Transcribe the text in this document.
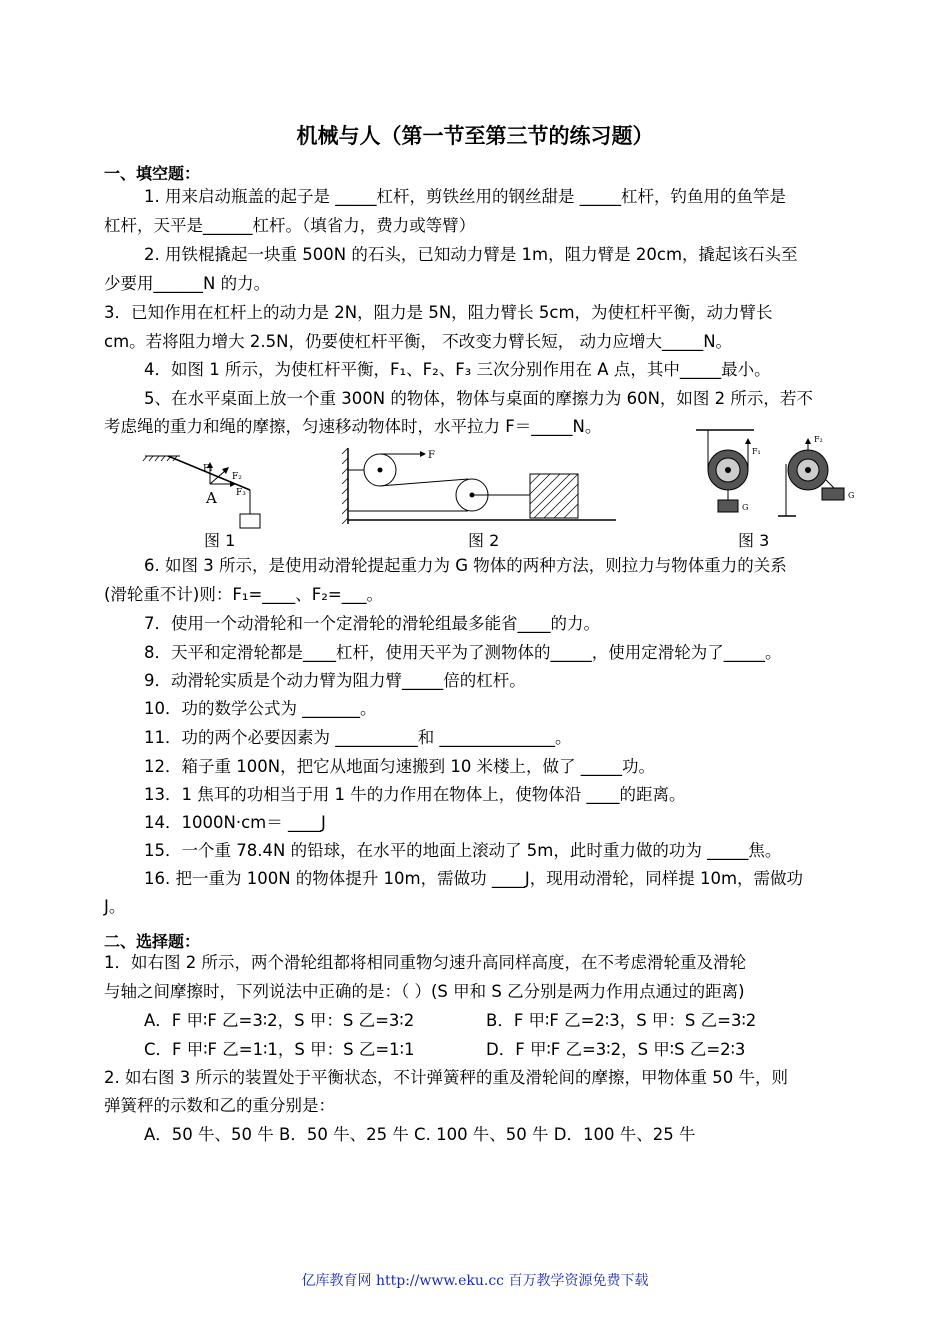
机械与人（第一节至第三节的练习题）
一、填空题：
1. 用来启动瓶盖的起子是 _____杠杆，剪铁丝用的钢丝甜是 _____杠杆，钓鱼用的鱼竿是
杠杆，天平是______杠杆。（填省力，费力或等臂）
2. 用铁棍撬起一块重 500N 的石头，已知动力臂是 1m，阻力臂是 20cm，撬起该石头至
少要用______N 的力。
3．已知作用在杠杆上的动力是 2N，阻力是 5N，阻力臂长 5cm，为使杠杆平衡，动力臂长
cm。若将阻力增大 2.5N，仍要使杠杆平衡， 不改变力臂长短， 动力应增大_____N。
4．如图 1 所示，为使杠杆平衡，F₁、F₂、F₃ 三次分别作用在 A 点，其中_____最小。
5、在水平桌面上放一个重 300N 的物体，物体与桌面的摩擦力为 60N，如图 2 所示，若不
考虑绳的重力和绳的摩擦，匀速移动物体时，水平拉力 F＝_____N。
F₁
F₂
F₃
A
图 1
F
图 2
F₁
G
F₂
G
图 3
6. 如图 3 所示，是使用动滑轮提起重力为 G 物体的两种方法，则拉力与物体重力的关系
(滑轮重不计)则：F₁=____、F₂=___。
7．使用一个动滑轮和一个定滑轮的滑轮组最多能省____的力。
8．天平和定滑轮都是____杠杆，使用天平为了测物体的_____，使用定滑轮为了_____。
9．动滑轮实质是个动力臂为阻力臂_____倍的杠杆。
10．功的数学公式为 _______。
11．功的两个必要因素为 __________和 ______________。
12．箱子重 100N，把它从地面匀速搬到 10 米楼上，做了 _____功。
13．1 焦耳的功相当于用 1 牛的力作用在物体上，使物体沿 ____的距离。
14．1000N·cm＝ ____J
15．一个重 78.4N 的铅球，在水平的地面上滚动了 5m，此时重力做的功为 _____焦。
16. 把一重为 100N 的物体提升 10m，需做功 ____J，现用动滑轮，同样提 10m，需做功
J。
二、选择题：
1．如右图 2 所示，两个滑轮组都将相同重物匀速升高同样高度，在不考虑滑轮重及滑轮
与轴之间摩擦时，下列说法中正确的是：（ ）(S 甲和 S 乙分别是两力作用点通过的距离)
A．F 甲∶F 乙=3∶2，S 甲：S 乙=3∶2	B．F 甲∶F 乙=2∶3，S 甲：S 乙=3∶2
C．F 甲∶F 乙=1∶1，S 甲：S 乙=1∶1	D．F 甲∶F 乙=3∶2，S 甲∶S 乙=2∶3
2. 如右图 3 所示的装置处于平衡状态，不计弹簧秤的重及滑轮间的摩擦，甲物体重 50 牛，则
弹簧秤的示数和乙的重分别是：
A．50 牛、50 牛 B．50 牛、25 牛 C. 100 牛、50 牛 D．100 牛、25 牛
亿库教育网 http://www.eku.cc 百万教学资源免费下载
